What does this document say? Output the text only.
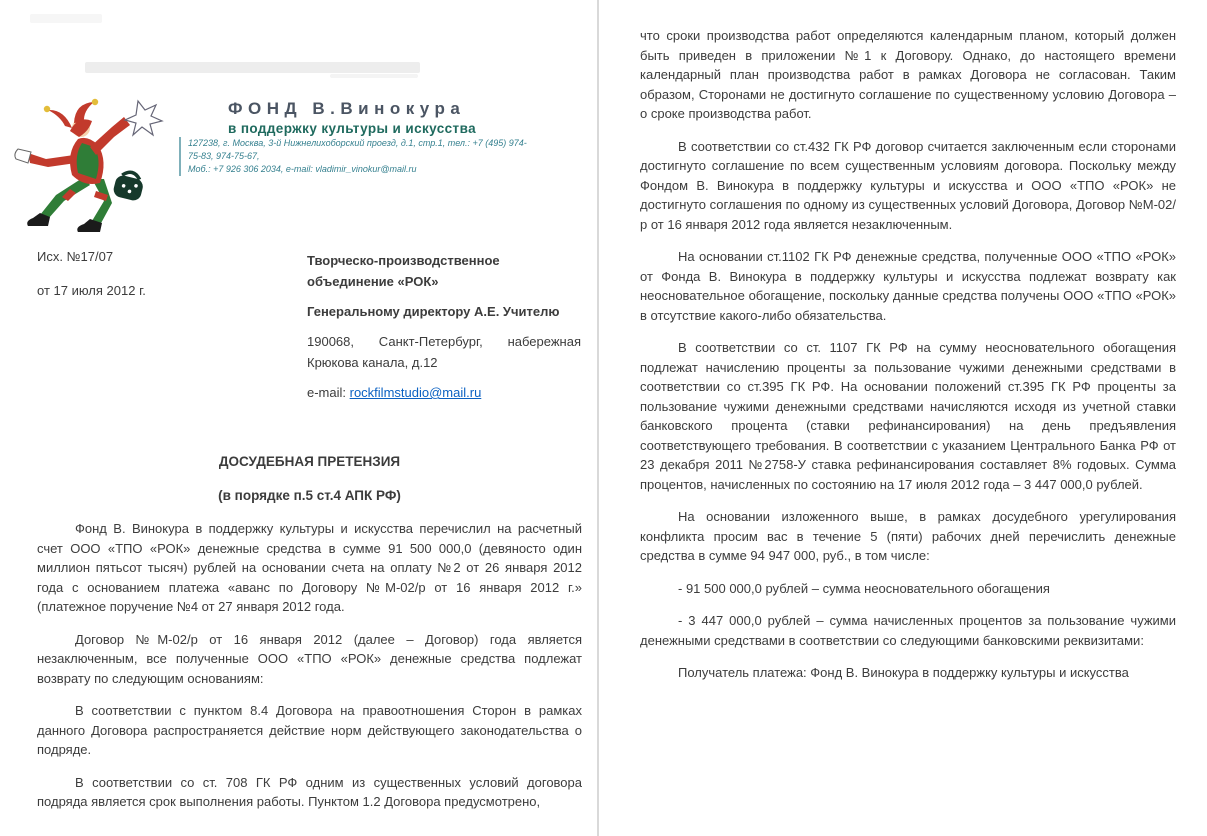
ФОНД В.Винокура
в поддержку культуры и искусства
127238, г. Москва, 3-й Нижнелихоборский проезд, д.1, стр.1, тел.: +7 (495) 974-75-83, 974-75-67,
Моб.: +7 926 306 2034, e-mail: vladimir_vinokur@mail.ru

Исх. №17/07

от 17 июля 2012 г.

Творческо-производственное объединение «РОК»

Генеральному директору А.Е. Учителю

190068, Санкт-Петербург, набережная Крюкова канала, д.12

e-mail: rockfilmstudio@mail.ru

ДОСУДЕБНАЯ ПРЕТЕНЗИЯ

(в порядке п.5 ст.4 АПК РФ)

Фонд В. Винокура в поддержку культуры и искусства перечислил на расчетный счет ООО «ТПО «РОК» денежные средства в сумме 91 500 000,0 (девяносто один миллион пятьсот тысяч) рублей на основании счета на оплату №2 от 26 января 2012 года с основанием платежа «аванс по Договору №М-02/р от 16 января 2012 г.» (платежное поручение №4 от 27 января 2012 года.

Договор №М-02/р от 16 января 2012 (далее – Договор) года является незаключенным, все полученные ООО «ТПО «РОК» денежные средства подлежат возврату по следующим основаниям:

В соответствии с пунктом 8.4 Договора на правоотношения Сторон в рамках данного Договора распространяется действие норм действующего законодательства о подряде.

В соответствии со ст. 708 ГК РФ одним из существенных условий договора подряда является срок выполнения работы. Пунктом 1.2 Договора предусмотрено,

что сроки производства работ определяются календарным планом, который должен быть приведен в приложении №1 к Договору. Однако, до настоящего времени календарный план производства работ в рамках Договора не согласован. Таким образом, Сторонами не достигнуто соглашение по существенному условию Договора – о сроке производства работ.

В соответствии со ст.432 ГК РФ договор считается заключенным если сторонами достигнуто соглашение по всем существенным условиям договора. Поскольку между Фондом В. Винокура в поддержку культуры и искусства и ООО «ТПО «РОК» не достигнуто соглашения по одному из существенных условий Договора, Договор №М-02/р от 16 января 2012 года является незаключенным.

На основании ст.1102 ГК РФ денежные средства, полученные ООО «ТПО «РОК» от Фонда В. Винокура в поддержку культуры и искусства подлежат возврату как неосновательное обогащение, поскольку данные средства получены ООО «ТПО «РОК» в отсутствие какого-либо обязательства.

В соответствии со ст. 1107 ГК РФ на сумму неосновательного обогащения подлежат начислению проценты за пользование чужими денежными средствами в соответствии со ст.395 ГК РФ. На основании положений ст.395 ГК РФ проценты за пользование чужими денежными средствами начисляются исходя из учетной ставки банковского процента (ставки рефинансирования) на день предъявления соответствующего требования. В соответствии с указанием Центрального Банка РФ от 23 декабря 2011 №2758-У ставка рефинансирования составляет 8% годовых. Сумма процентов, начисленных по состоянию на 17 июля 2012 года – 3 447 000,0 рублей.

На основании изложенного выше, в рамках досудебного урегулирования конфликта просим вас в течение 5 (пяти) рабочих дней перечислить денежные средства в сумме 94 947 000, руб., в том числе:

- 91 500 000,0 рублей – сумма неосновательного обогащения

- 3 447 000,0 рублей – сумма начисленных процентов за пользование чужими денежными средствами в соответствии со следующими банковскими реквизитами:

Получатель платежа: Фонд В. Винокура в поддержку культуры и искусства
